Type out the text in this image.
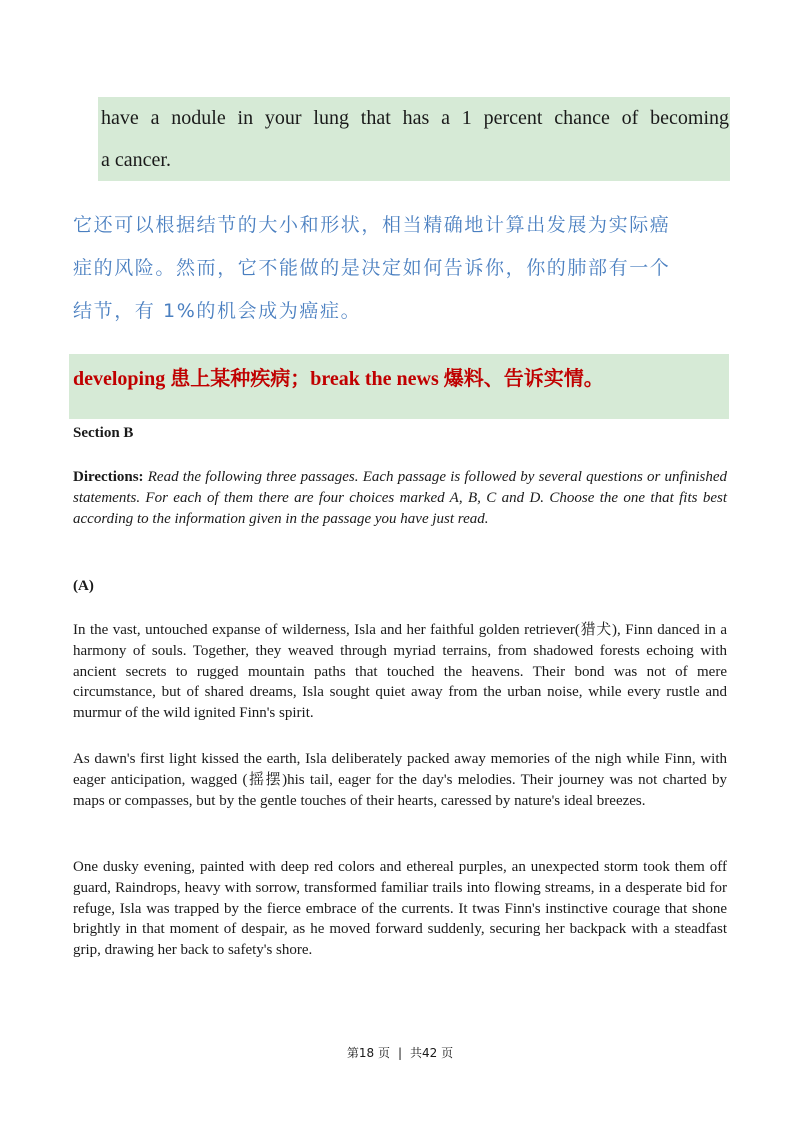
have a nodule in your lung that has a 1 percent chance of becoming
a cancer.
它还可以根据结节的大小和形状，相当精确地计算出发展为实际癌
症的风险。然而，它不能做的是决定如何告诉你，你的肺部有一个
结节，有 1%的机会成为癌症。
developing 患上某种疾病；break the news 爆料、告诉实情。
Section B
Directions: Read the following three passages. Each passage is followed by several questions or unfinished statements. For each of them there are four choices marked A, B, C and D. Choose the one that fits best according to the information given in the passage you have just read.
(A)
In the vast, untouched expanse of wilderness, Isla and her faithful golden retriever(猎犬), Finn danced in a harmony of souls. Together, they weaved through myriad terrains, from shadowed forests echoing with ancient secrets to rugged mountain paths that touched the heavens. Their bond was not of mere circumstance, but of shared dreams, Isla sought quiet away from the urban noise, while every rustle and murmur of the wild ignited Finn's spirit.
As dawn's first light kissed the earth, Isla deliberately packed away memories of the nigh while Finn, with eager anticipation, wagged (摇摆)his tail, eager for the day's melodies. Their journey was not charted by maps or compasses, but by the gentle touches of their hearts, caressed by nature's ideal breezes.
One dusky evening, painted with deep red colors and ethereal purples, an unexpected storm took them off guard, Raindrops, heavy with sorrow, transformed familiar trails into flowing streams, in a desperate bid for refuge, Isla was trapped by the fierce embrace of the currents. It twas Finn's instinctive courage that shone brightly in that moment of despair, as he moved forward suddenly, securing her backpack with a steadfast grip, drawing her back to safety's shore.
第18 页 | 共42 页
